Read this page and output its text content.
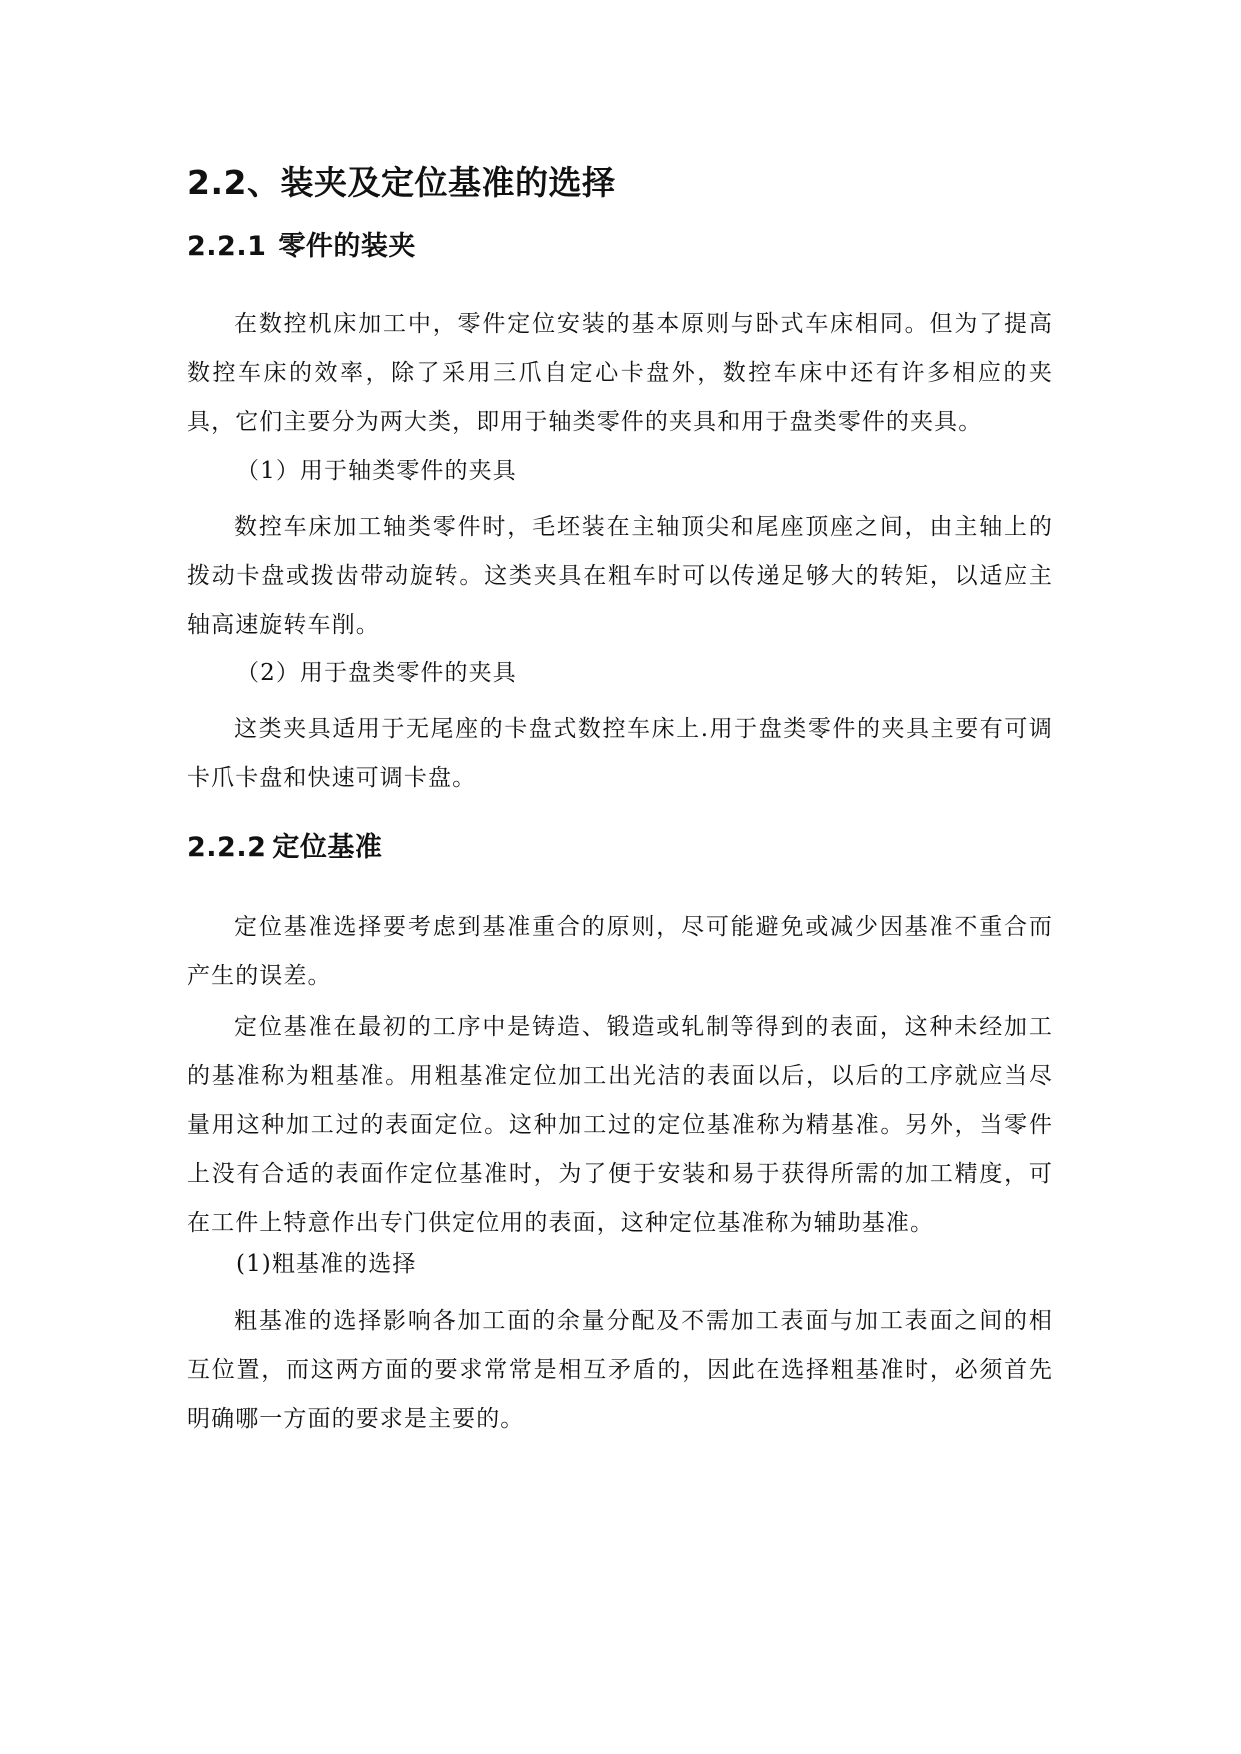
2.2、装夹及定位基准的选择
2.2.1 零件的装夹

在数控机床加工中，零件定位安装的基本原则与卧式车床相同。但为了提高数控车床的效率，除了采用三爪自定心卡盘外，数控车床中还有许多相应的夹具，它们主要分为两大类，即用于轴类零件的夹具和用于盘类零件的夹具。

（1）用于轴类零件的夹具

数控车床加工轴类零件时，毛坯装在主轴顶尖和尾座顶座之间，由主轴上的拨动卡盘或拨齿带动旋转。这类夹具在粗车时可以传递足够大的转矩，以适应主轴高速旋转车削。

（2）用于盘类零件的夹具

这类夹具适用于无尾座的卡盘式数控车床上.用于盘类零件的夹具主要有可调卡爪卡盘和快速可调卡盘。

2.2.2 定位基准

定位基准选择要考虑到基准重合的原则，尽可能避免或减少因基准不重合而产生的误差。

定位基准在最初的工序中是铸造、锻造或轧制等得到的表面，这种未经加工的基准称为粗基准。用粗基准定位加工出光洁的表面以后，以后的工序就应当尽量用这种加工过的表面定位。这种加工过的定位基准称为精基准。另外，当零件上没有合适的表面作定位基准时，为了便于安装和易于获得所需的加工精度，可在工件上特意作出专门供定位用的表面，这种定位基准称为辅助基准。

(1)粗基准的选择

粗基准的选择影响各加工面的余量分配及不需加工表面与加工表面之间的相互位置，而这两方面的要求常常是相互矛盾的，因此在选择粗基准时，必须首先明确哪一方面的要求是主要的。
